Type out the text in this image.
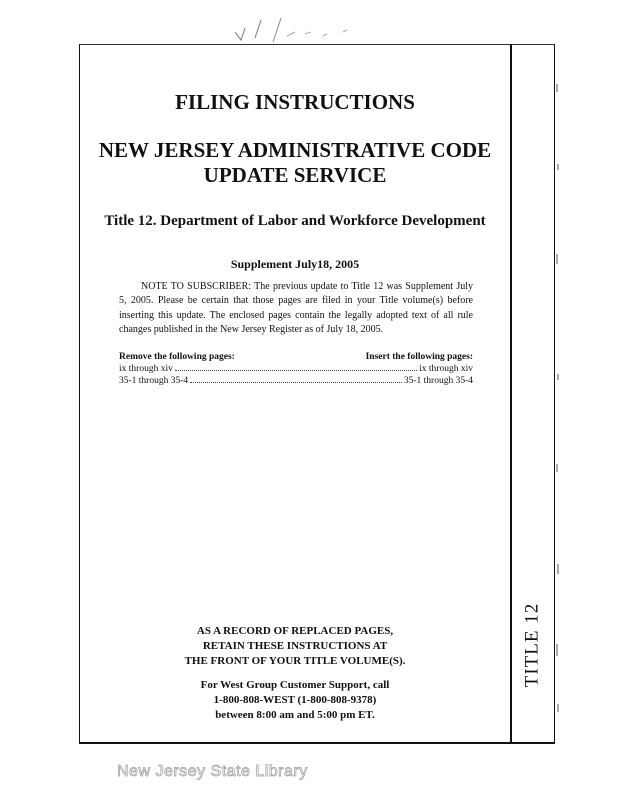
FILING INSTRUCTIONS
NEW JERSEY ADMINISTRATIVE CODE
UPDATE SERVICE
Title 12. Department of Labor and Workforce Development
Supplement July18, 2005

NOTE TO SUBSCRIBER: The previous update to Title 12 was Supplement July 5, 2005. Please be certain that those pages are filed in your Title volume(s) before inserting this update. The enclosed pages contain the legally adopted text of all rule changes published in the New Jersey Register as of July 18, 2005.

Remove the following pages:	Insert the following pages:
ix through xiv	ix through xiv
35-1 through 35-4	35-1 through 35-4
AS A RECORD OF REPLACED PAGES,
RETAIN THESE INSTRUCTIONS AT
THE FRONT OF YOUR TITLE VOLUME(S).
For West Group Customer Support, call
1-800-808-WEST (1-800-808-9378)
between 8:00 am and 5:00 pm ET.
TITLE 12
New Jersey State Library
